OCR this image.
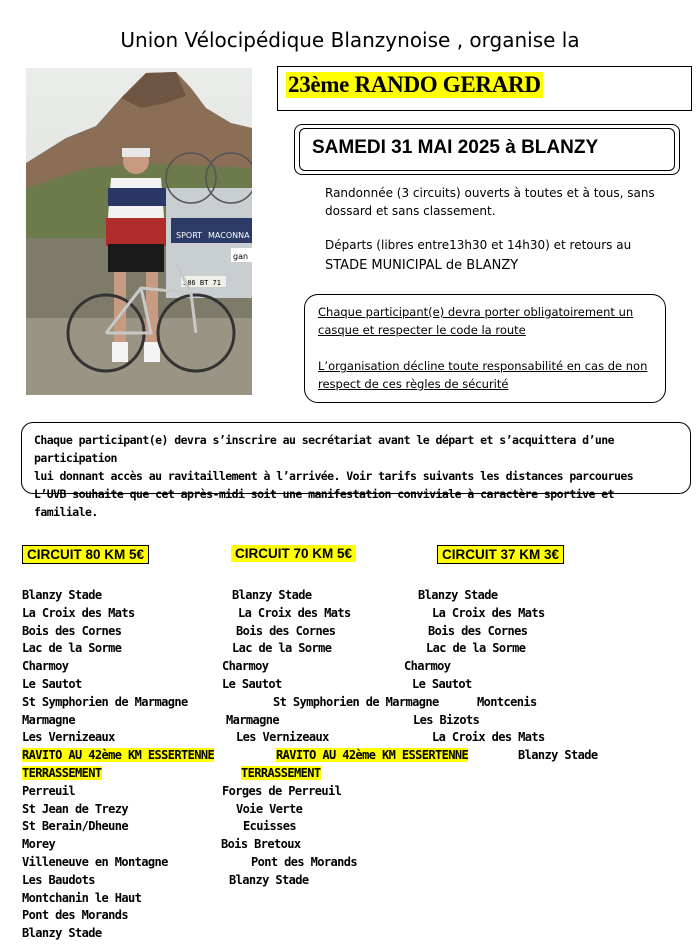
Union Vélocipédique Blanzynoise , organise la
SPORT MACONNA
gan
386 BT 71
23ème RANDO GERARD
SAMEDI 31 MAI 2025 à BLANZY
Randonnée (3 circuits) ouverts à toutes et à tous, sans
dossard et sans classement.
Départs (libres entre13h30 et 14h30) et retours au
STADE MUNICIPAL de BLANZY
Chaque participant(e) devra porter obligatoirement un
casque et respecter le code la route
L’organisation décline toute responsabilité en cas de non
respect de ces règles de sécurité
Chaque participant(e) devra s’inscrire au secrétariat avant le départ et s’acquittera d’une participation
lui donnant accès au ravitaillement à l’arrivée. Voir tarifs suivants les distances parcourues
L’UVB souhaite que cet après-midi soit une manifestation conviviale à caractère sportive et familiale.
CIRCUIT 80 KM 5€	CIRCUIT 70 KM 5€	CIRCUIT 37 KM 3€
Blanzy Stade	Blanzy Stade	Blanzy Stade
La Croix des Mats	La Croix des Mats	La Croix des Mats
Bois des Cornes	Bois des Cornes	Bois des Cornes
Lac de la Sorme	Lac de la Sorme	Lac de la Sorme
Charmoy	Charmoy	Charmoy
Le Sautot	Le Sautot	Le Sautot
St Symphorien de Marmagne	St Symphorien de Marmagne	Montcenis
Marmagne	Marmagne	Les Bizots
Les Vernizeaux	Les Vernizeaux	La Croix des Mats
RAVITO AU 42ème KM ESSERTENNE	RAVITO AU 42ème KM ESSERTENNE	Blanzy Stade
TERRASSEMENT	TERRASSEMENT
Perreuil	Forges de Perreuil
St Jean de Trezy	Voie Verte
St Berain/Dheune	Ecuisses
Morey	Bois Bretoux
Villeneuve en Montagne	Pont des Morands
Les Baudots	Blanzy Stade
Montchanin le Haut
Pont des Morands
Blanzy Stade
